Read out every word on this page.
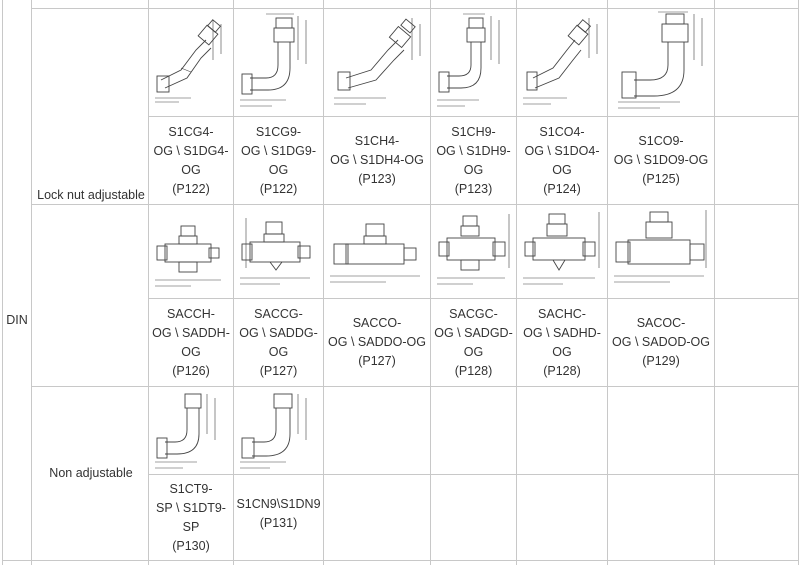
DIN
Lock nut adjustable
Non adjustable
S1CG4-
OG \ S1DG4-
OG
(P122)
S1CG9-
OG \ S1DG9-
OG
(P122)
S1CH4-
OG \ S1DH4-OG
(P123)
S1CH9-
OG \ S1DH9-
OG
(P123)
S1CO4-
OG \ S1DO4-
OG
(P124)
S1CO9-
OG \ S1DO9-OG
(P125)
SACCH-
OG \ SADDH-
OG
(P126)
SACCG-
OG \ SADDG-
OG
(P127)
SACCO-
OG \ SADDO-OG
(P127)
SACGC-
OG \ SADGD-
OG
(P128)
SACHC-
OG \ SADHD-
OG
(P128)
SACOC-
OG \ SADOD-OG
(P129)
S1CT9-
SP \ S1DT9-
SP
(P130)
S1CN9\S1DN9
(P131)
